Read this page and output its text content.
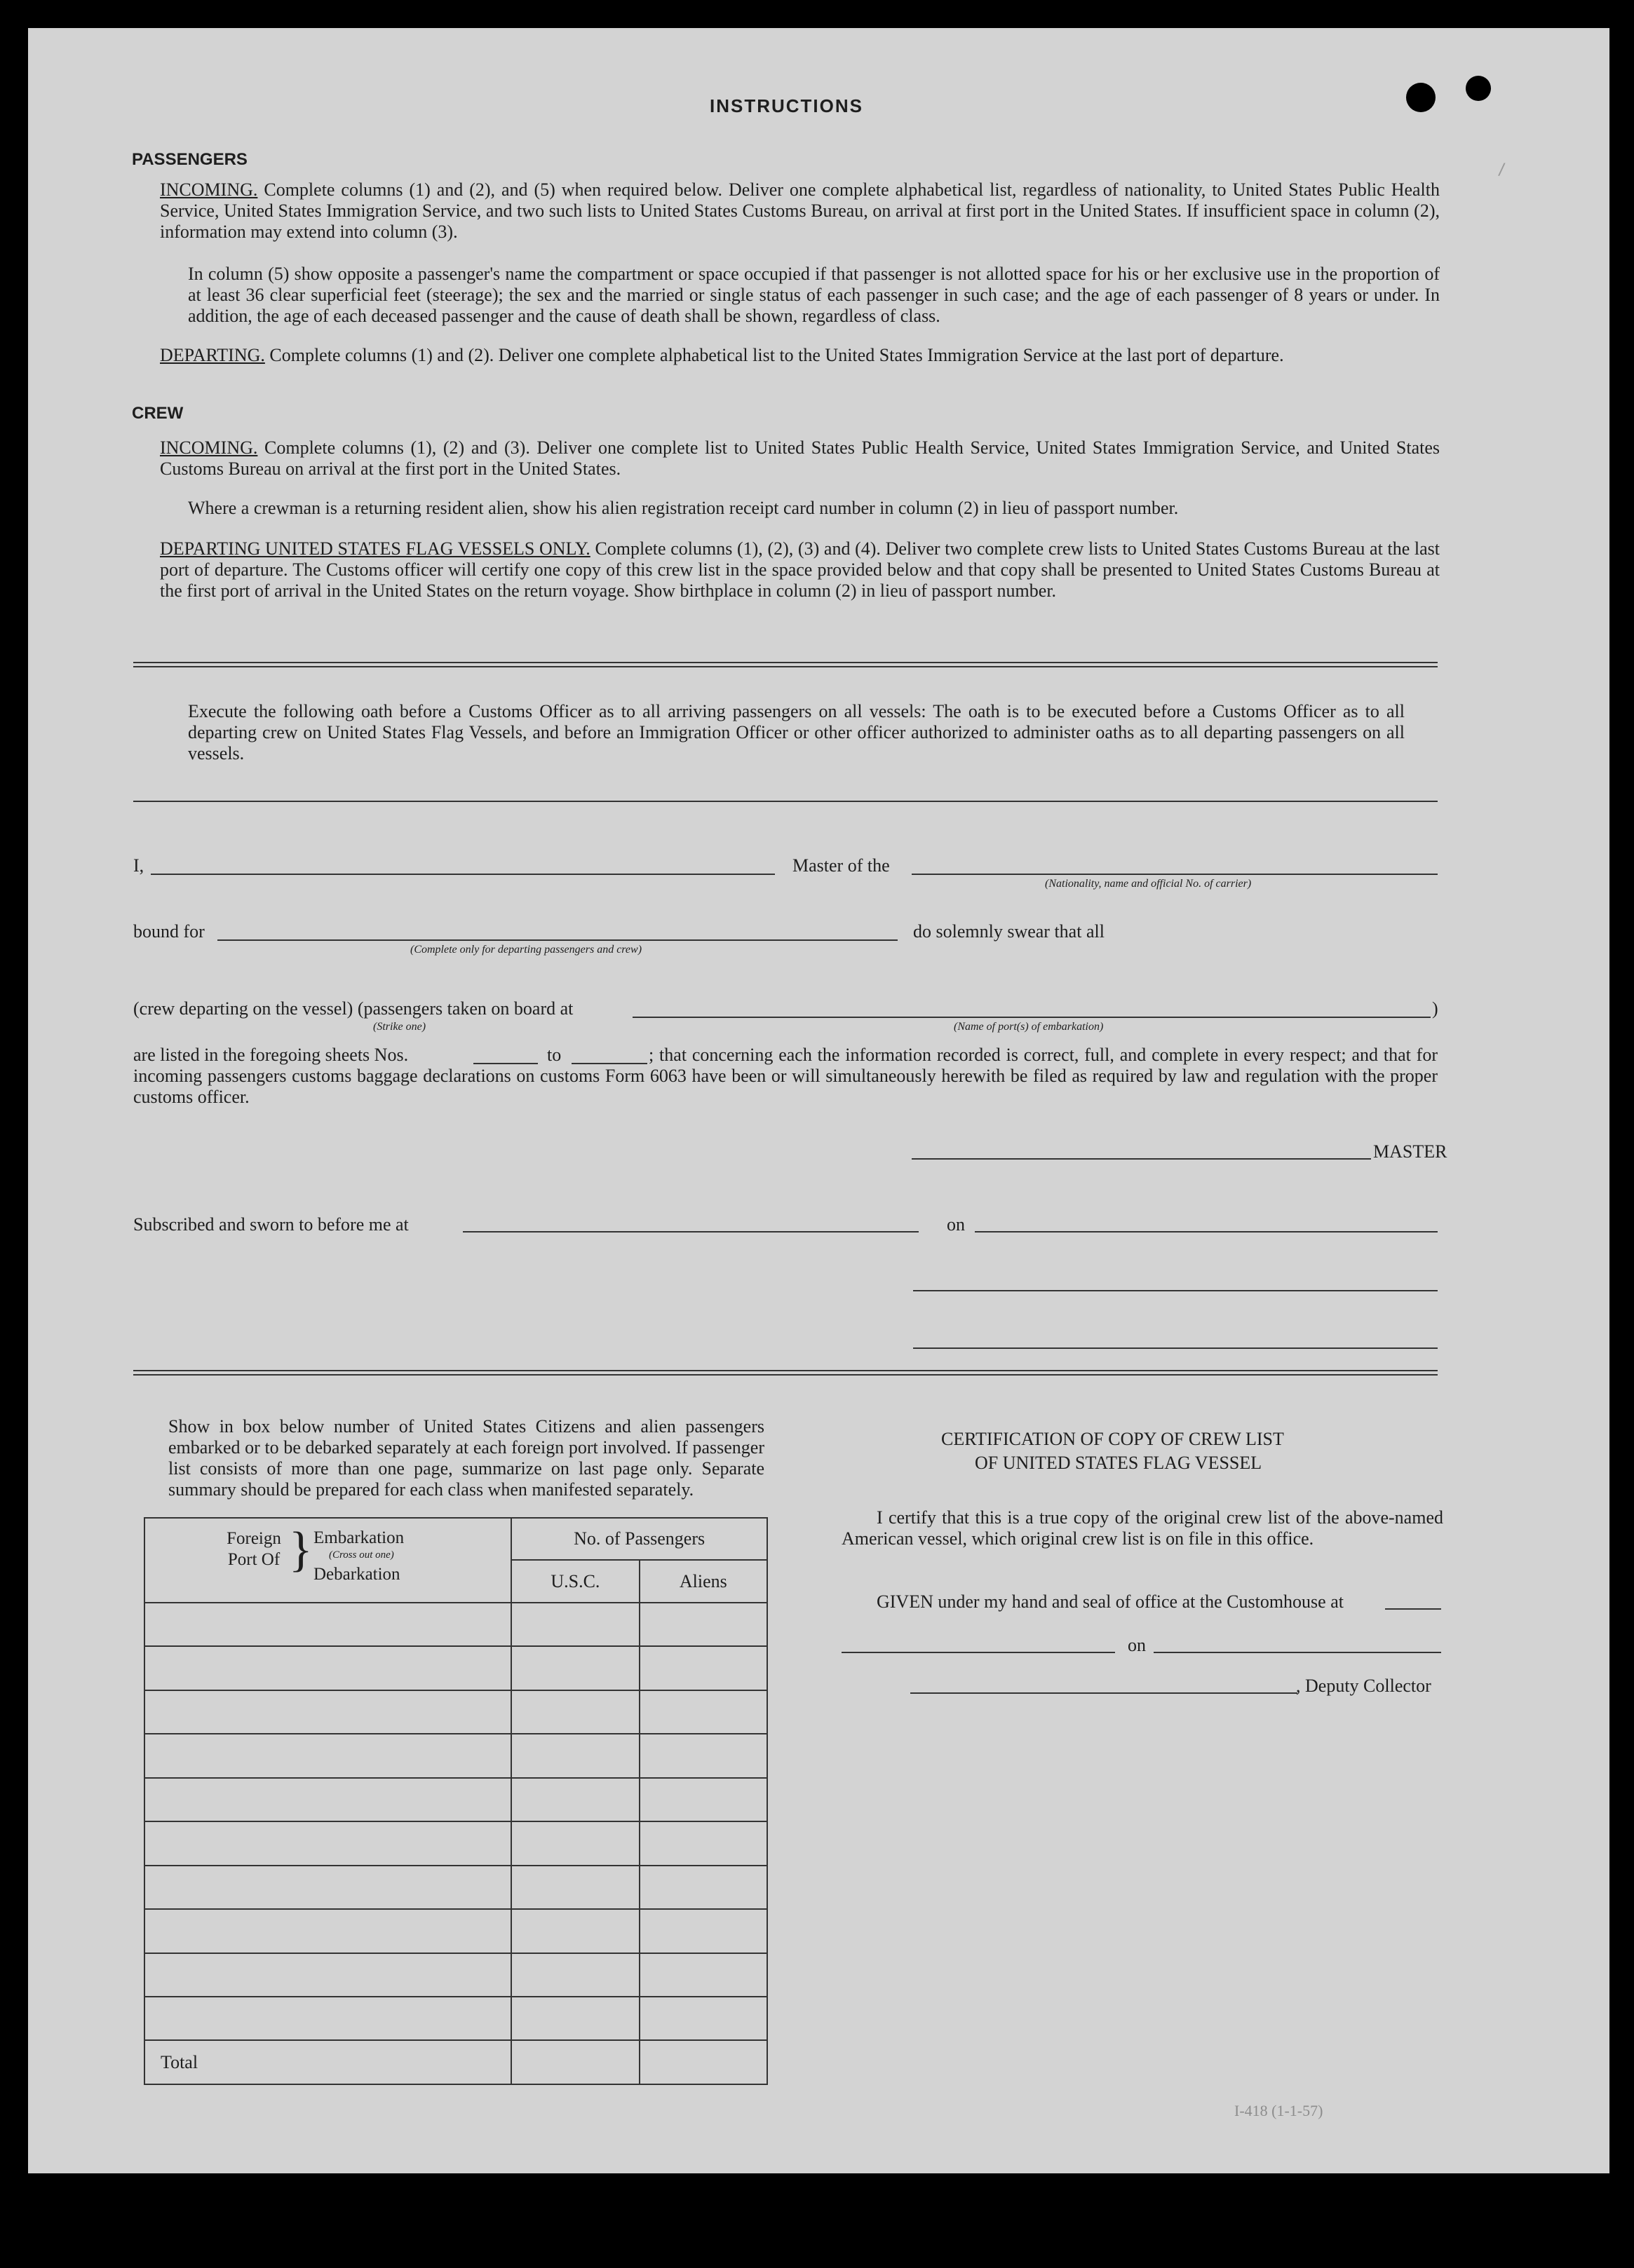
/
INSTRUCTIONS
PASSENGERS
INCOMING. Complete columns (1) and (2), and (5) when required below. Deliver one complete alphabetical list, regardless of nationality, to United States Public Health Service, United States Immigration Service, and two such lists to United States Customs Bureau, on arrival at first port in the United States. If insufficient space in column (2), information may extend into column (3).
In column (5) show opposite a passenger's name the compartment or space occupied if that passenger is not allotted space for his or her exclusive use in the proportion of at least 36 clear superficial feet (steerage); the sex and the married or single status of each passenger in such case; and the age of each passenger of 8 years or under. In addition, the age of each deceased passenger and the cause of death shall be shown, regardless of class.
DEPARTING. Complete columns (1) and (2). Deliver one complete alphabetical list to the United States Immigration Service at the last port of departure.
CREW
INCOMING. Complete columns (1), (2) and (3). Deliver one complete list to United States Public Health Service, United States Immigration Service, and United States Customs Bureau on arrival at the first port in the United States.
Where a crewman is a returning resident alien, show his alien registration receipt card number in column (2) in lieu of passport number.
DEPARTING UNITED STATES FLAG VESSELS ONLY. Complete columns (1), (2), (3) and (4). Deliver two complete crew lists to United States Customs Bureau at the last port of departure. The Customs officer will certify one copy of this crew list in the space provided below and that copy shall be presented to United States Customs Bureau at the first port of arrival in the United States on the return voyage. Show birthplace in column (2) in lieu of passport number.
Execute the following oath before a Customs Officer as to all arriving passengers on all vessels: The oath is to be executed before a Customs Officer as to all departing crew on United States Flag Vessels, and before an Immigration Officer or other officer authorized to administer oaths as to all departing passengers on all vessels.
I,	Master of the
(Nationality, name and official No. of carrier)
bound for
(Complete only for departing passengers and crew)
do solemnly swear that all
(crew departing on the vessel) (passengers taken on board at	)
(Strike one)	(Name of port(s) of embarkation)
are listed in the foregoing sheets Nos.	to	; that concerning each the information recorded is correct, full, and complete in every respect; and that for incoming passengers customs baggage declarations on customs Form 6063 have been or will simultaneously herewith be filed as required by law and regulation with the proper customs officer.
MASTER
Subscribed and sworn to before me at	on
Show in box below number of United States Citizens and alien passengers embarked or to be debarked separately at each foreign port involved. If passenger list consists of more than one page, summarize on last page only. Separate summary should be prepared for each class when manifested separately.
Foreign Port Of } Embarkation
(Cross out one)
Debarkation	No. of Passengers	
	U.S.C.	Aliens

Total		
CERTIFICATION OF COPY OF CREW LIST
OF UNITED STATES FLAG VESSEL
I certify that this is a true copy of the original crew list of the above-named American vessel, which original crew list is on file in this office.
GIVEN under my hand and seal of office at the Customhouse at
on
, Deputy Collector
I-418 (1-1-57)
